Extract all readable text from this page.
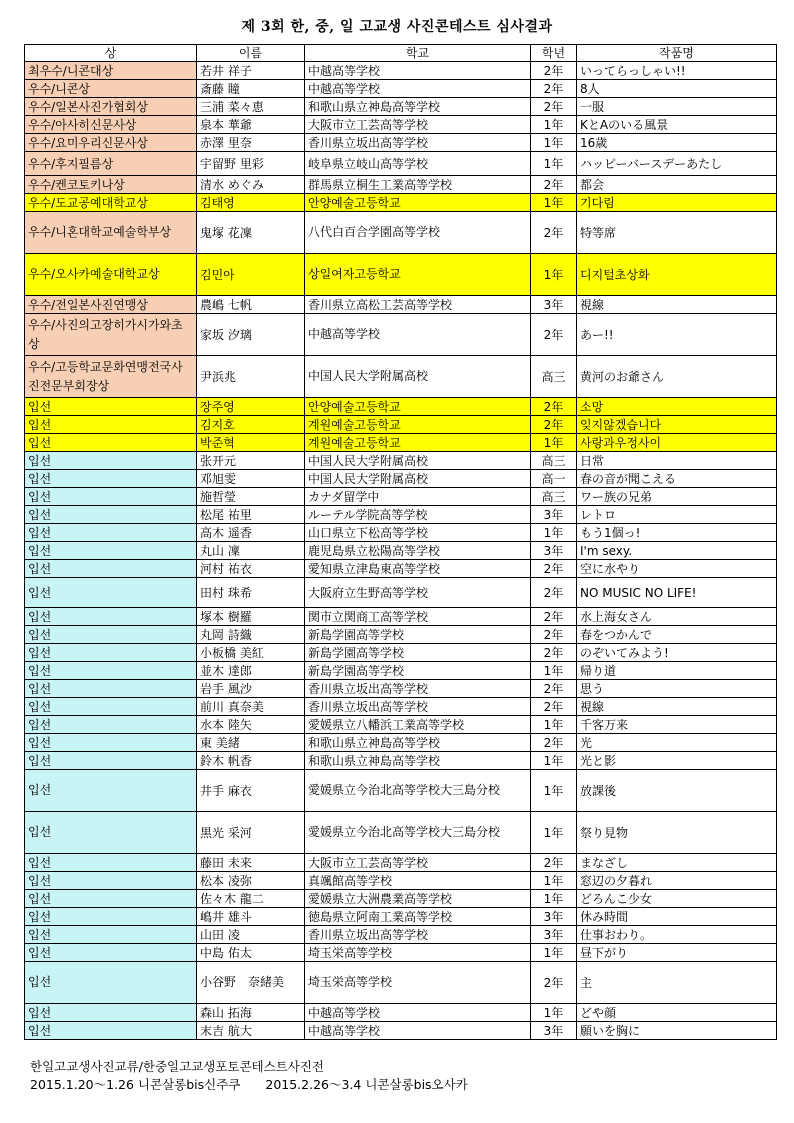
제 3회 한, 중, 일 고교생 사진콘테스트 심사결과
상	이름	학교	학년	작품명
최우수/니콘대상	若井 祥子	中越高等学校	2年	いってらっしゃい!!
우수/니콘상	斎藤 瞳	中越高等学校	2年	8人
우수/일본사진가협회상	三浦 菜々恵	和歌山県立神島高等学校	2年	一服
우수/아사히신문사상	泉本 華爺	大阪市立工芸高等学校	1年	KとAのいる風景
우수/요미우리신문사상	赤澤 里奈	香川県立坂出高等学校	1年	16歳
우수/후지필름상	宇留野 里彩	岐阜県立岐山高等学校	1年	ハッピーバースデーあたし
우수/켄코토키나상	清水 めぐみ	群馬県立桐生工業高等学校	2年	都会
우수/도교공예대학교상	김태영	안양예술고등학교	1年	기다림
우수/니혼대학교예술학부상	鬼塚 花凜	八代白百合学園高等学校	2年	特等席
우수/오사카예술대학교상	김민아	상일여자고등학교	1年	디지털초상화
우수/전일본사진연맹상	農嶋 七帆	香川県立高松工芸高等学校	3年	視線
우수/사진의고장히가시가와초상	家坂 汐璃	中越高等学校	2年	あー!!
우수/고등학교문화연맹전국사진전문부회장상	尹浜兆	中国人民大学附属高校	高三	黄河のお爺さん
입선	장주영	안양예술고등학교	2年	소망
입선	김지호	계원예술고등학교	2年	잊지않겠습니다
입선	박준혁	계원예술고등학교	1年	사랑과우정사이
입선	张开元	中国人民大学附属高校	高三	日常
입선	邓旭雯	中国人民大学附属高校	高一	春の音が聞こえる
입선	施哲瑩	カナダ留学中	高三	ワー族の兄弟
입선	松尾 祐里	ルーテル学院高等学校	3年	レトロ
입선	高木 遥香	山口県立下松高等学校	1年	もう1個っ!
입선	丸山 凜	鹿児島県立松陽高等学校	3年	I'm sexy.
입선	河村 祐衣	愛知県立津島東高等学校	2年	空に水やり
입선	田村 珠希	大阪府立生野高等学校	2年	NO MUSIC NO LIFE!
입선	塚本 樹羅	関市立関商工高等学校	2年	水上海女さん
입선	丸岡 詩織	新島学園高等学校	2年	春をつかんで
입선	小板橋 美紅	新島学園高等学校	2年	のぞいてみよう!
입선	並木 達郎	新島学園高等学校	1年	帰り道
입선	岩手 風沙	香川県立坂出高等学校	2年	思う
입선	前川 真奈美	香川県立坂出高等学校	2年	視線
입선	水本 陸矢	愛媛県立八幡浜工業高等学校	1年	千客万来
입선	東 美緒	和歌山県立神島高等学校	2年	光
입선	鈴木 帆香	和歌山県立神島高等学校	1年	光と影
입선	井手 麻衣	愛媛県立今治北高等学校大三島分校	1年	放課後
입선	黒光 采河	愛媛県立今治北高等学校大三島分校	1年	祭り見物
입선	藤田 未来	大阪市立工芸高等学校	2年	まなざし
입선	松本 凌弥	真颯館高等学校	1年	窓辺の夕暮れ
입선	佐々木 龍二	愛媛県立大洲農業高等学校	1年	どろんこ少女
입선	嶋井 雄斗	徳島県立阿南工業高等学校	3年	休み時間
입선	山田 凌	香川県立坂出高等学校	3年	仕事おわり。
입선	中島 佑太	埼玉栄高等学校	1年	昼下がり
입선	小谷野　奈緒美	埼玉栄高等学校	2年	主
입선	森山 拓海	中越高等学校	1年	どや顔
입선	末吉 航大	中越高等学校	3年	願いを胸に
한일고교생사진교류/한중일고교생포토콘테스트사진전
2015.1.20～1.26 니콘살롱bis신주쿠　　2015.2.26～3.4 니콘살롱bis오사카
